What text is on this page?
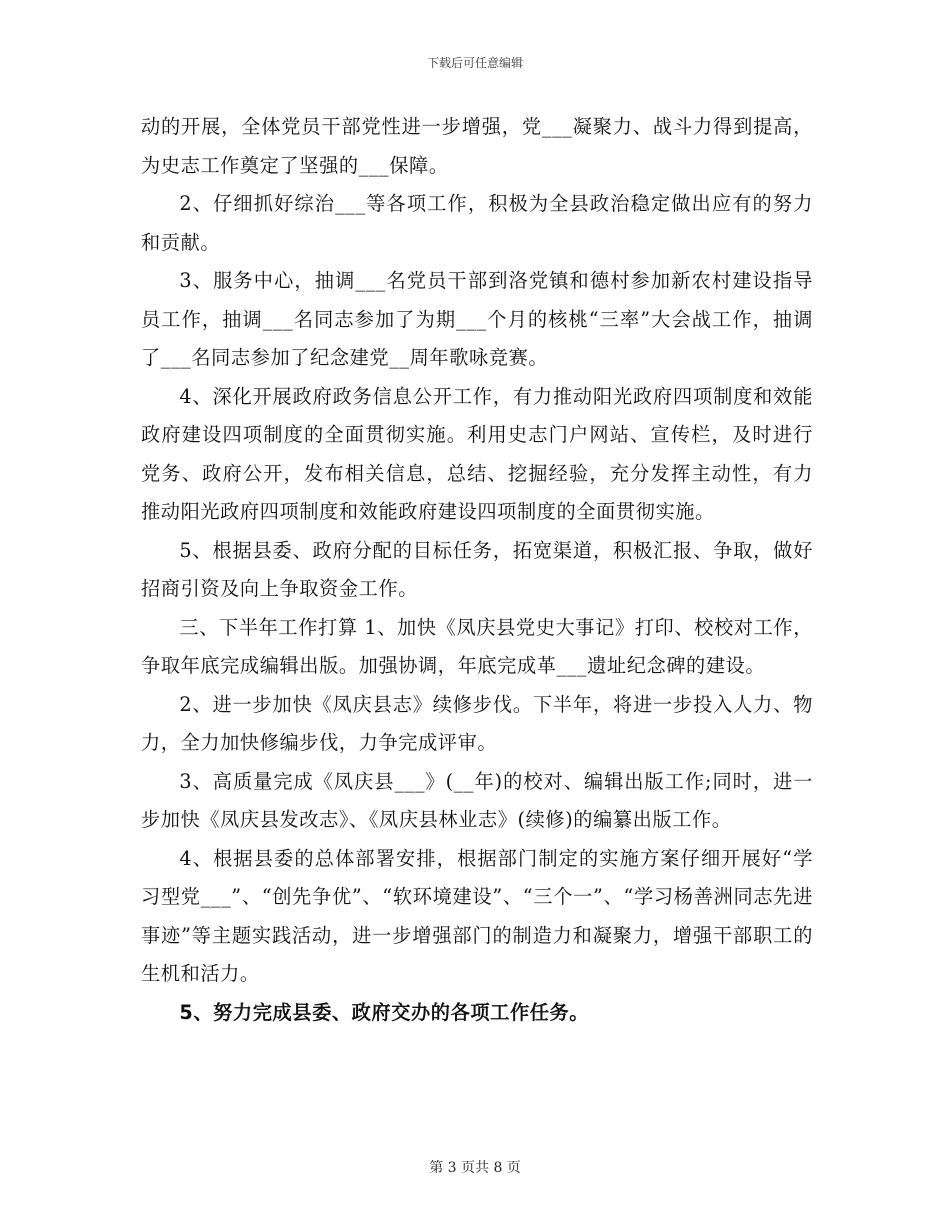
下载后可任意编辑

动的开展，全体党员干部党性进一步增强，党___凝聚力、战斗力得到提高，为史志工作奠定了坚强的___保障。

2、仔细抓好综治___等各项工作，积极为全县政治稳定做出应有的努力和贡献。

3、服务中心，抽调___名党员干部到洛党镇和德村参加新农村建设指导员工作，抽调___名同志参加了为期___个月的核桃“三率”大会战工作，抽调了___名同志参加了纪念建党__周年歌咏竞赛。

4、深化开展政府政务信息公开工作，有力推动阳光政府四项制度和效能政府建设四项制度的全面贯彻实施。利用史志门户网站、宣传栏，及时进行党务、政府公开，发布相关信息，总结、挖掘经验，充分发挥主动性，有力推动阳光政府四项制度和效能政府建设四项制度的全面贯彻实施。

5、根据县委、政府分配的目标任务，拓宽渠道，积极汇报、争取，做好招商引资及向上争取资金工作。

三、下半年工作打算 1、加快《凤庆县党史大事记》打印、校校对工作，争取年底完成编辑出版。加强协调，年底完成革___遗址纪念碑的建设。

2、进一步加快《凤庆县志》续修步伐。下半年，将进一步投入人力、物力，全力加快修编步伐，力争完成评审。

3、高质量完成《凤庆县___》(__年)的校对、编辑出版工作;同时，进一步加快《凤庆县发改志》、《凤庆县林业志》(续修)的编纂出版工作。

4、根据县委的总体部署安排，根据部门制定的实施方案仔细开展好“学习型党___”、“创先争优”、“软环境建设”、“三个一”、“学习杨善洲同志先进事迹”等主题实践活动，进一步增强部门的制造力和凝聚力，增强干部职工的生机和活力。

5、努力完成县委、政府交办的各项工作任务。

第 3 页共 8 页
